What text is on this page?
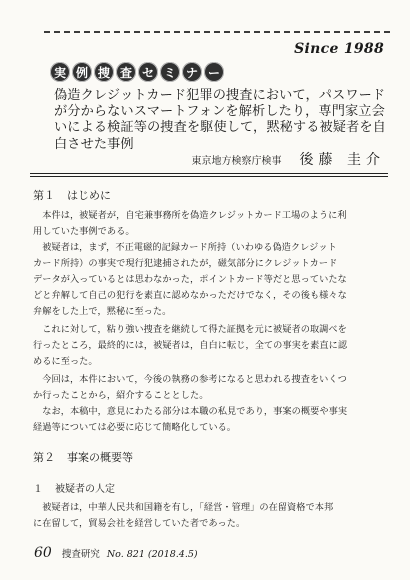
Since 1988
実 例 捜 査 セ ミ ナ ー
偽造クレジットカード犯罪の捜査において，パスワード
が分からないスマートフォンを解析したり，専門家立会
いによる検証等の捜査を駆使して，黙秘する被疑者を自
白させた事例
東京地方検察庁検事 後藤 圭介
第１ はじめに
　本件は，被疑者が，自宅兼事務所を偽造クレジットカード工場のように利
用していた事例である。
　被疑者は，まず，不正電磁的記録カード所持（いわゆる偽造クレジット
カード所持）の事実で現行犯逮捕されたが，磁気部分にクレジットカード
データが入っているとは思わなかった，ポイントカード等だと思っていたな
どと弁解して自己の犯行を素直に認めなかっただけでなく，その後も様々な
弁解をした上で，黙秘に至った。
　これに対して，粘り強い捜査を継続して得た証拠を元に被疑者の取調べを
行ったところ，最終的には，被疑者は，自白に転じ，全ての事実を素直に認
めるに至った。
　今回は，本件において，今後の執務の参考になると思われる捜査をいくつ
か行ったことから，紹介することとした。
　なお，本稿中，意見にわたる部分は本職の私見であり，事案の概要や事実
経過等については必要に応じて簡略化している。
第２ 事案の概要等
１ 被疑者の人定
　被疑者は，中華人民共和国籍を有し，「経営・管理」の在留資格で本邦
に在留して，貿易会社を経営していた者であった。
60 捜査研究 No. 821 (2018.4.5)
